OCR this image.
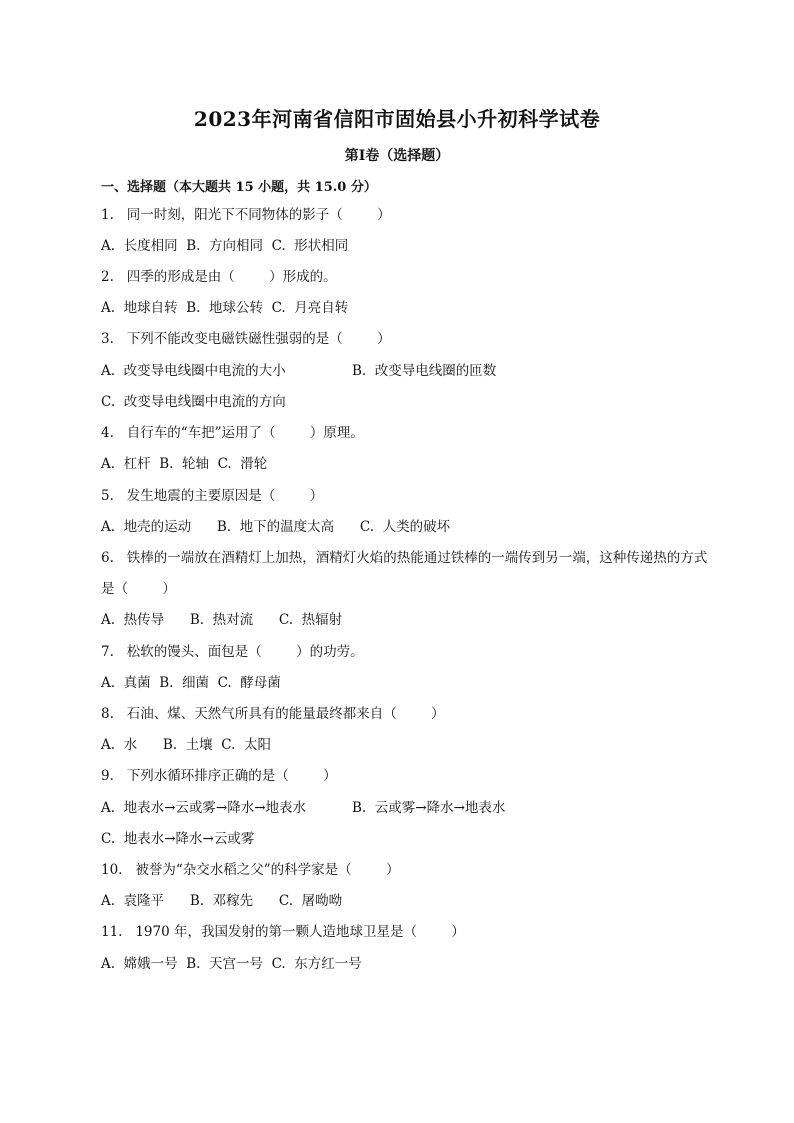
2023年河南省信阳市固始县小升初科学试卷
第Ⅰ卷（选择题）
一、选择题（本大题共 15 小题，共 15.0 分）
1.   同一时刻，阳光下不同物体的影子（        ）
A.  长度相同  B.  方向相同  C.  形状相同
2.   四季的形成是由（        ）形成的。
A.  地球自转  B.  地球公转  C.  月亮自转
3.   下列不能改变电磁铁磁性强弱的是（        ）
A.  改变导电线圈中电流的大小	B.  改变导电线圈的匝数
C.  改变导电线圈中电流的方向
4.   自行车的“车把”运用了（        ）原理。
A.  杠杆  B.  轮轴  C.  滑轮
5.   发生地震的主要原因是（        ）
A.  地壳的运动      B.  地下的温度太高      C.  人类的破坏
6.   铁棒的一端放在酒精灯上加热，酒精灯火焰的热能通过铁棒的一端传到另一端，这种传递热的方式
是（        ）
A.  热传导      B.  热对流      C.  热辐射
7.   松软的馒头、面包是（        ）的功劳。
A.  真菌  B.  细菌  C.  酵母菌
8.   石油、煤、天然气所具有的能量最终都来自（        ）
A.  水      B.  土壤  C.  太阳
9.   下列水循环排序正确的是（        ）
A.  地表水→云或雾→降水→地表水	B.  云或雾→降水→地表水
C.  地表水→降水→云或雾
10.   被誉为“杂交水稻之父”的科学家是（        ）
A.  袁隆平      B.  邓稼先      C.  屠呦呦
11.   1970 年，我国发射的第一颗人造地球卫星是（        ）
A.  嫦娥一号  B.  天宫一号  C.  东方红一号
